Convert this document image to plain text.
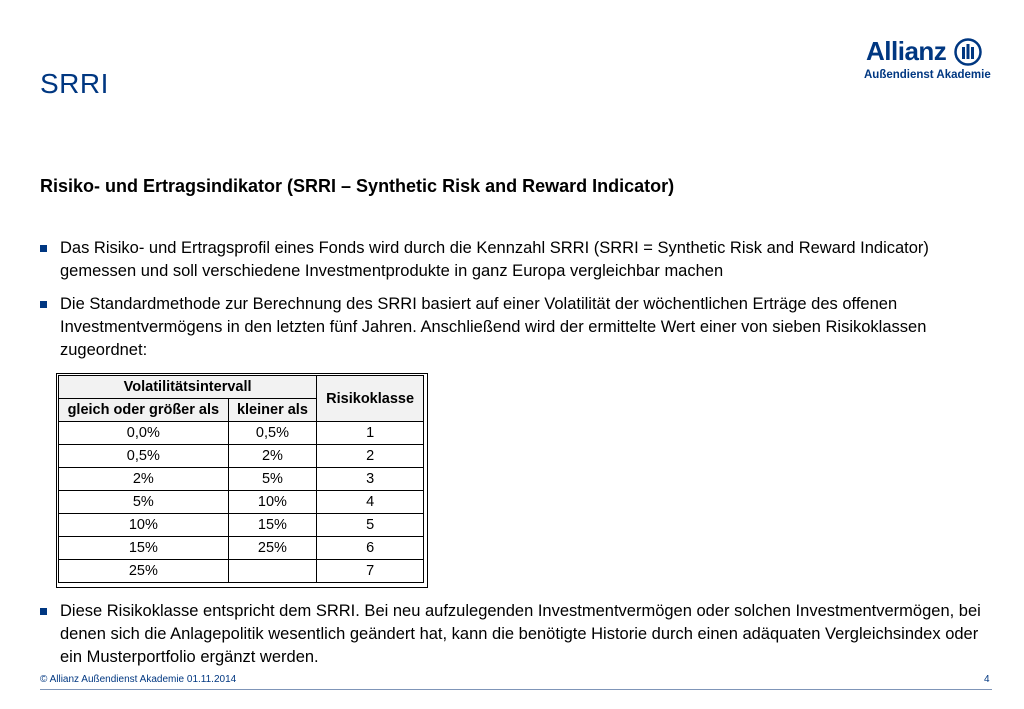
SRRI
Allianz
Außendienst Akademie
Risiko- und Ertragsindikator (SRRI – Synthetic Risk and Reward Indicator)
Das Risiko- und Ertragsprofil eines Fonds wird durch die Kennzahl SRRI (SRRI = Synthetic Risk and Reward Indicator) gemessen und soll verschiedene Investmentprodukte in ganz Europa vergleichbar machen
Die Standardmethode zur Berechnung des SRRI basiert auf einer Volatilität der wöchentlichen Erträge des offenen Investmentvermögens in den letzten fünf Jahren. Anschließend wird der ermittelte Wert einer von sieben Risikoklassen zugeordnet:
Volatilitätsintervall		Risikoklasse
gleich oder größer als	kleiner als	
0,0%	0,5%	1
0,5%	2%	2
2%	5%	3
5%	10%	4
10%	15%	5
15%	25%	6
25%		7
Diese Risikoklasse entspricht dem SRRI. Bei neu aufzulegenden Investmentvermögen oder solchen Investmentvermögen, bei denen sich die Anlagepolitik wesentlich geändert hat, kann die benötigte Historie durch einen adäquaten Vergleichsindex oder ein Musterportfolio ergänzt werden.
© Allianz Außendienst Akademie 01.11.2014	4
